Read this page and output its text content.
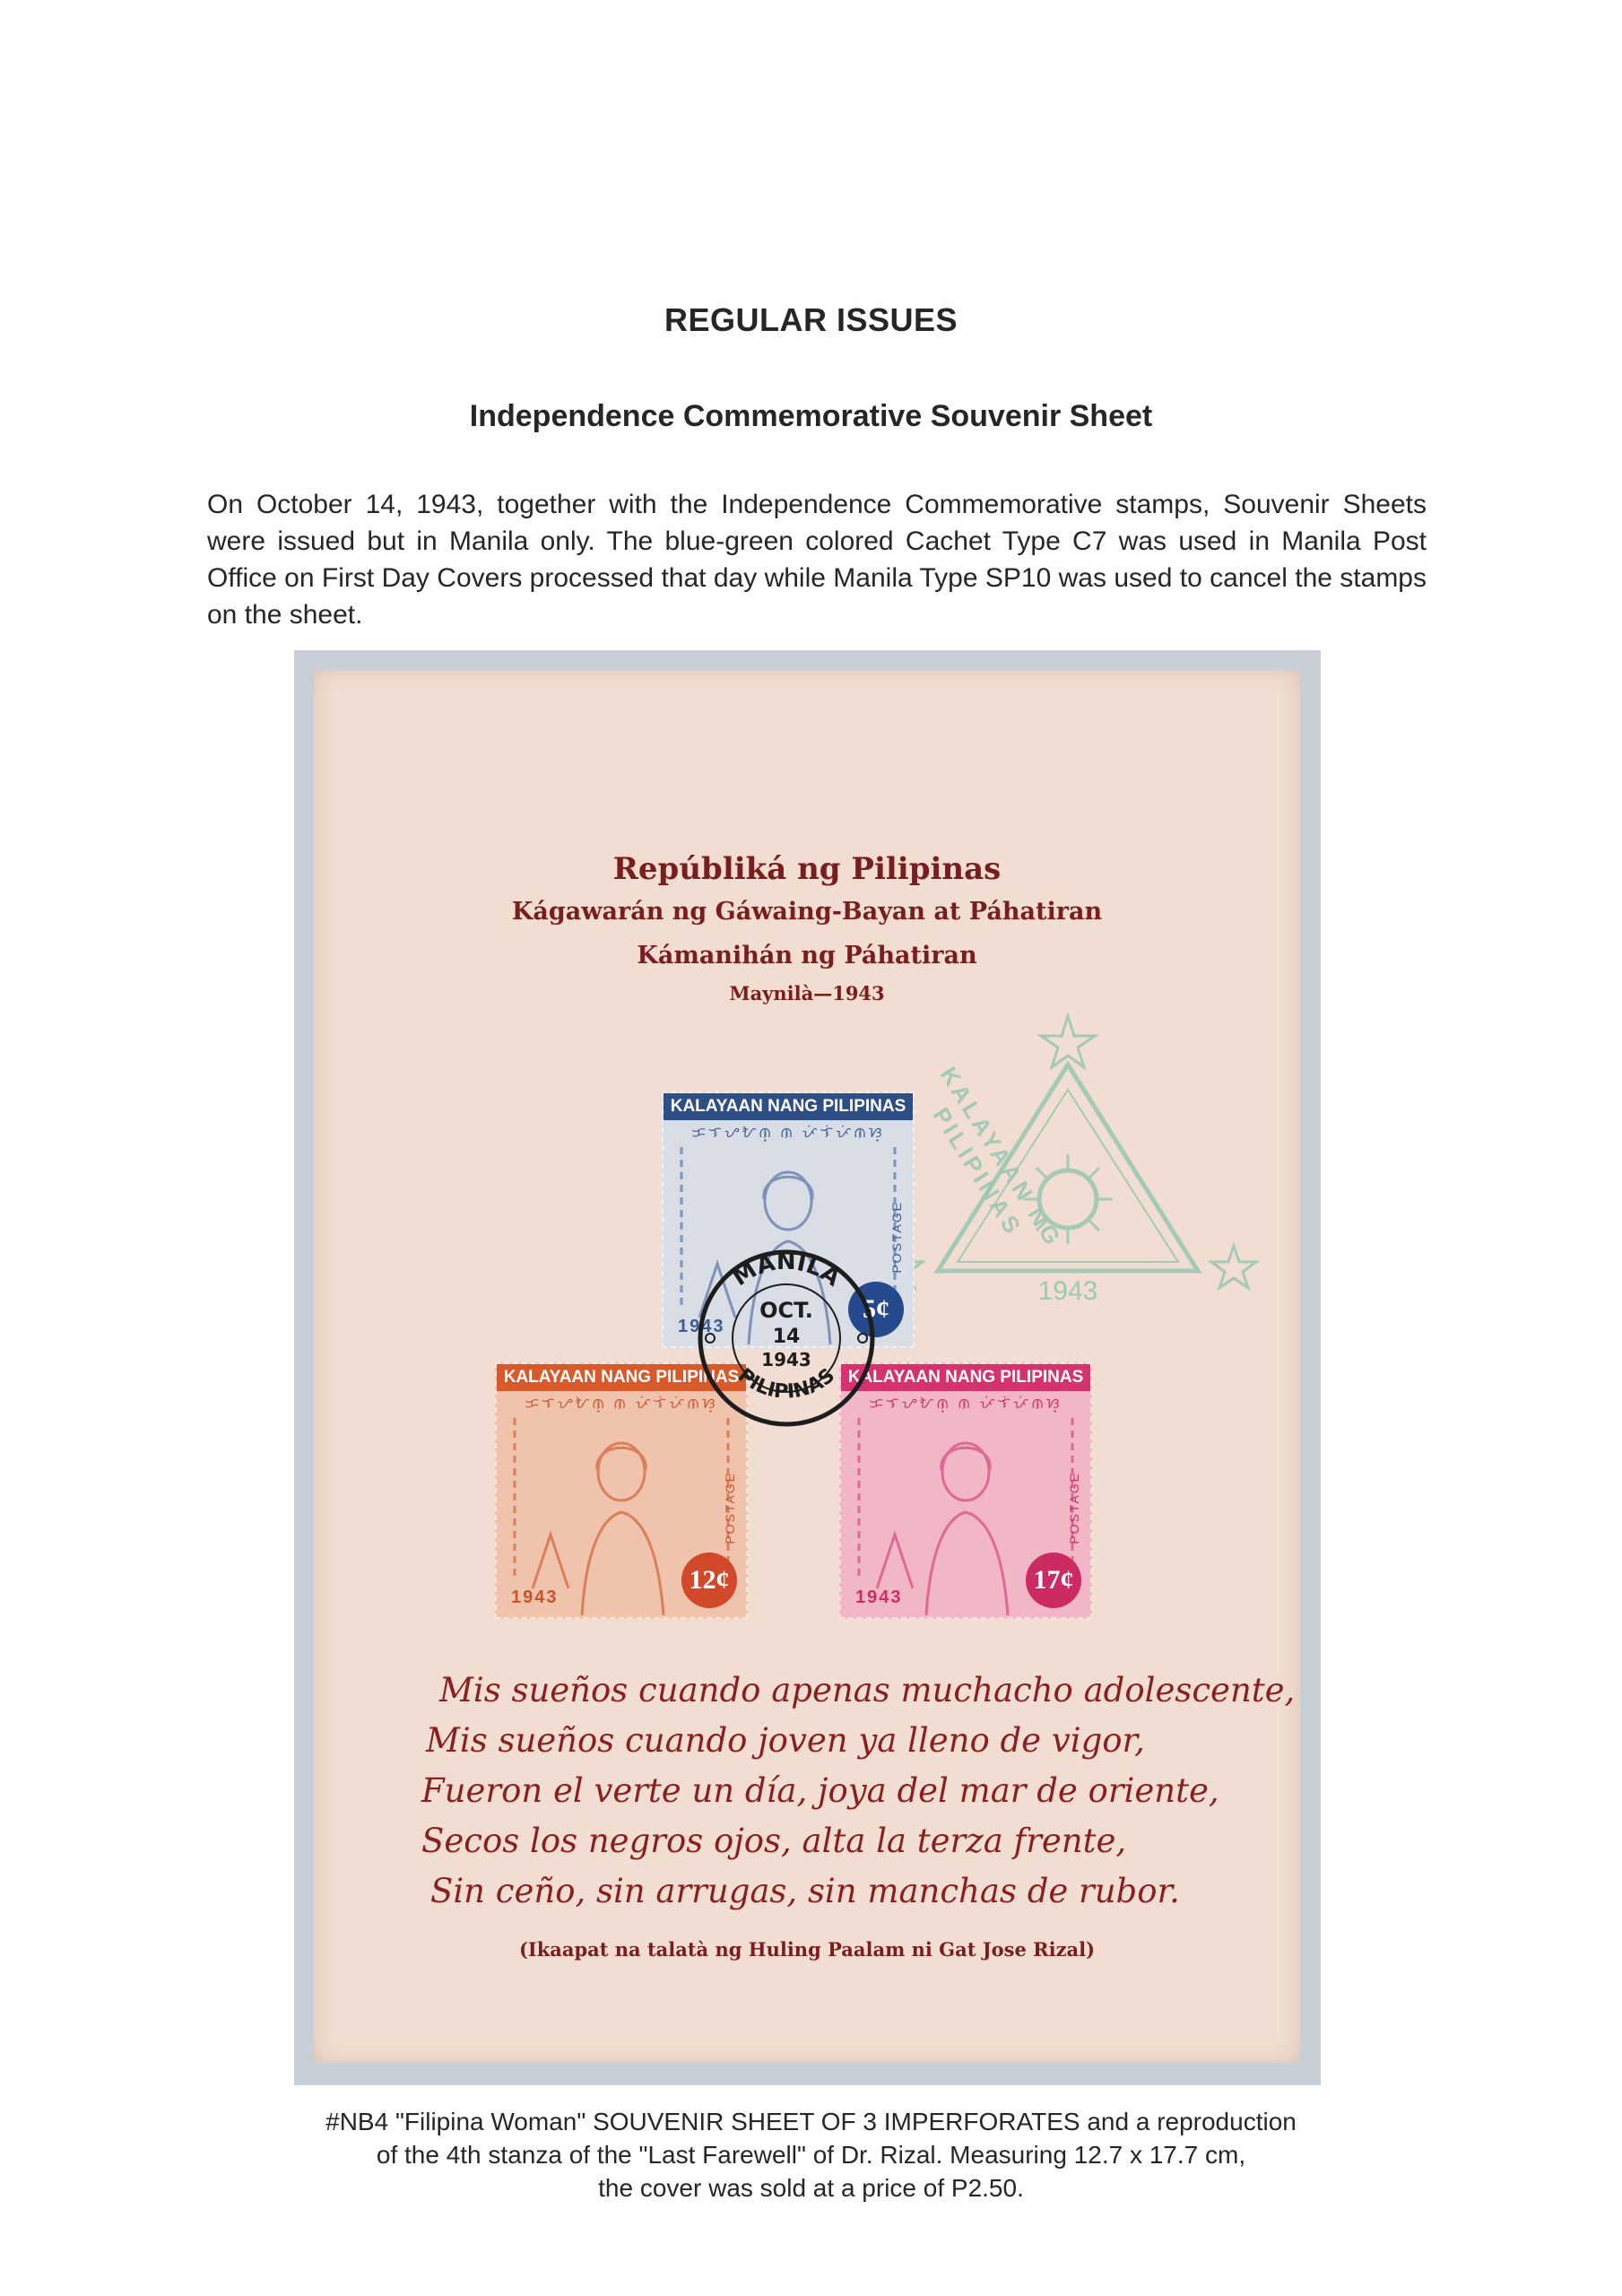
REGULAR ISSUES
Independence Commemorative Souvenir Sheet

On October 14, 1943, together with the Independence Commemorative stamps, Souvenir Sheets were issued but in Manila only. The blue-green colored Cachet Type C7 was used in Manila Post Office on First Day Covers processed that day while Manila Type SP10 was used to cancel the stamps on the sheet.

Repúbliká ng Pilipinas
Kágawarán ng Gáwaing-Bayan at Páhatiran
Kámanihán ng Páhatiran
Maynilà—1943
1943
KALAYAAN NG PILIPINAS
KALAYAAN NANG PILIPINAS
ᜃᜎᜌᜀᜈ᜔ ᜈ ᜉᜒᜎᜒᜉᜒᜈᜐ᜔
POSTAGE
1943
5¢
KALAYAAN NANG PILIPINAS
ᜃᜎᜌᜀᜈ᜔ ᜈ ᜉᜒᜎᜒᜉᜒᜈᜐ᜔
POSTAGE
1943
12¢
KALAYAAN NANG PILIPINAS
ᜃᜎᜌᜀᜈ᜔ ᜈ ᜉᜒᜎᜒᜉᜒᜈᜐ᜔
POSTAGE
1943
17¢
MANILA
PILIPINAS
OCT.
14
1943
Mis sueños cuando apenas muchacho adolescente,
Mis sueños cuando joven ya lleno de vigor,
Fueron el verte un día, joya del mar de oriente,
Secos los negros ojos, alta la terza frente,
Sin ceño, sin arrugas, sin manchas de rubor.
(Ikaapat na talatà ng Huling Paalam ni Gat Jose Rizal)

#NB4 "Filipina Woman" SOUVENIR SHEET OF 3 IMPERFORATES and a reproduction

of the 4th stanza of the "Last Farewell" of Dr. Rizal. Measuring 12.7 x 17.7 cm,

the cover was sold at a price of P2.50.
